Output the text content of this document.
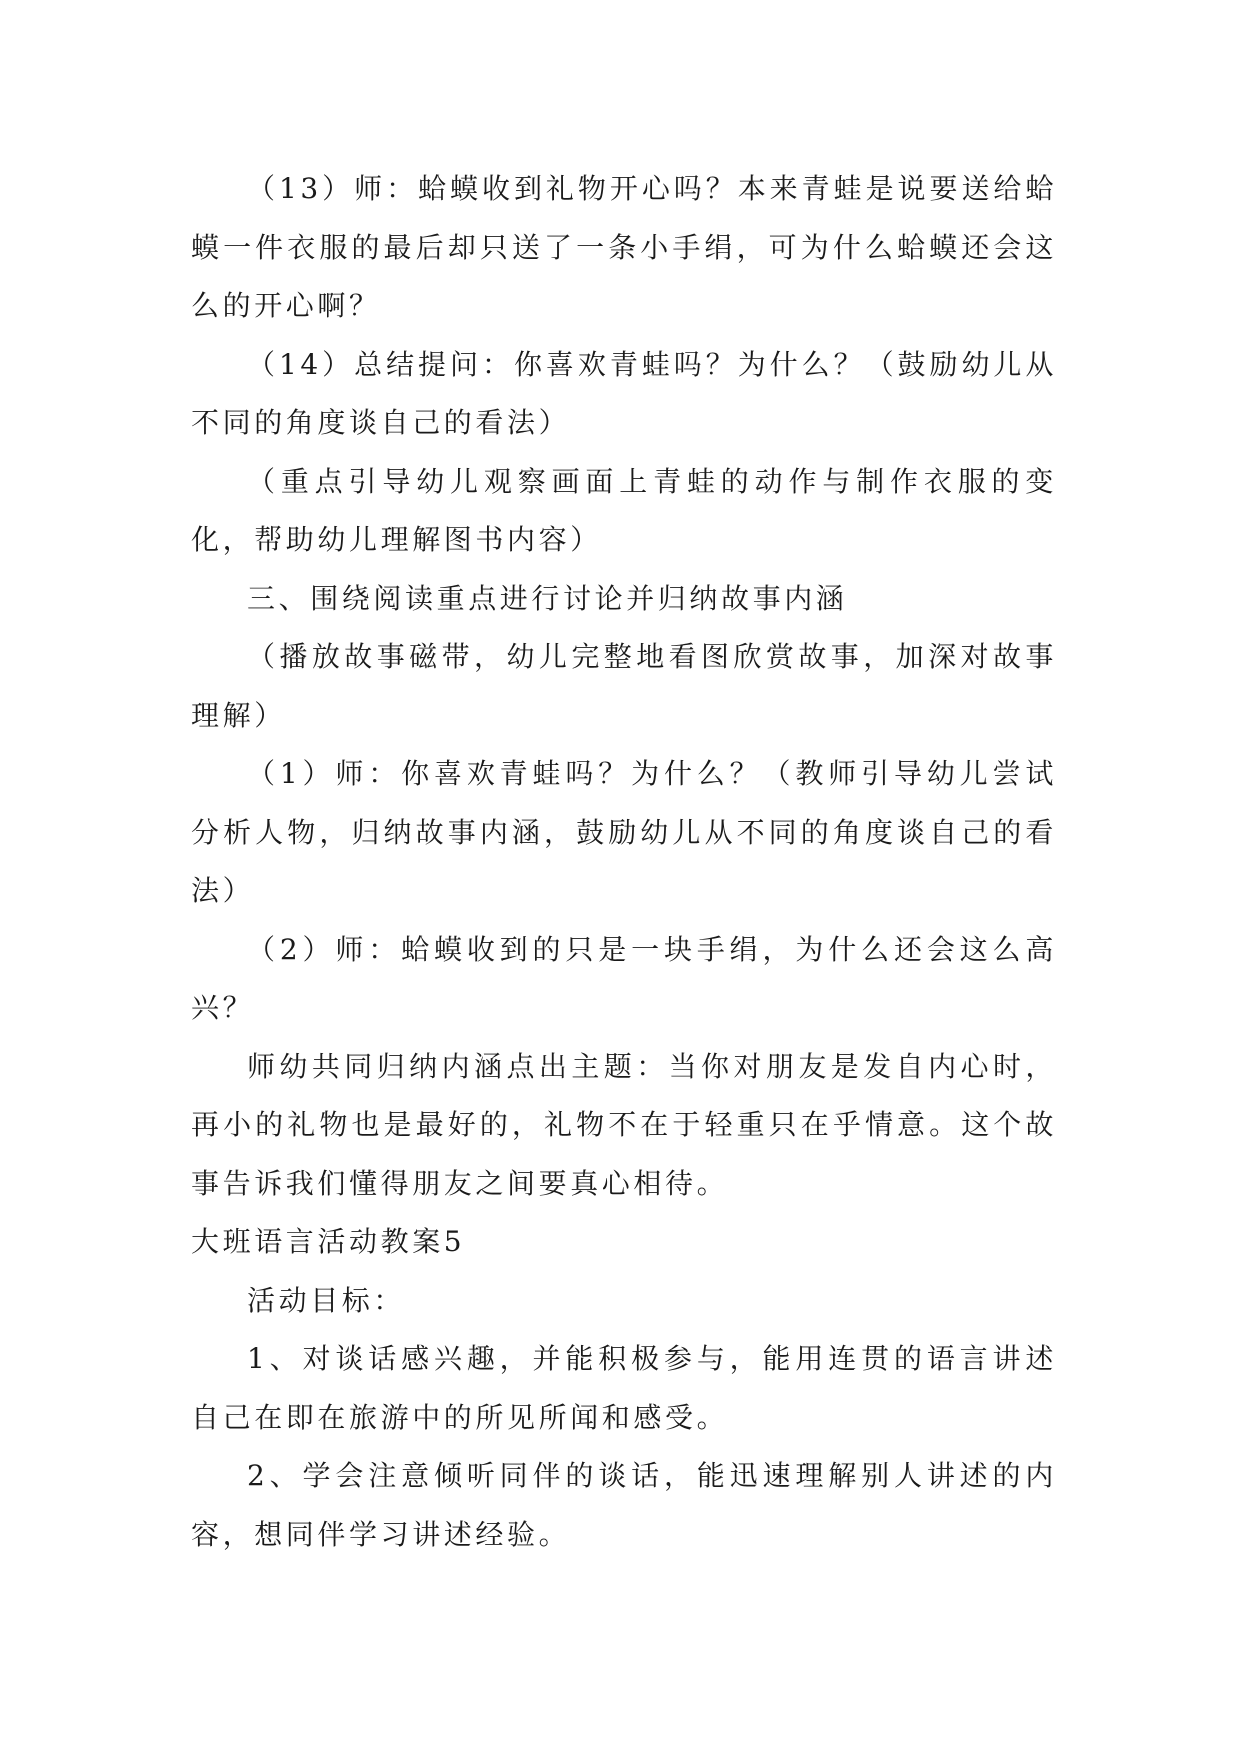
（13）师：蛤蟆收到礼物开心吗？本来青蛙是说要送给蛤蟆一件衣服的最后却只送了一条小手绢，可为什么蛤蟆还会这么的开心啊？

（14）总结提问：你喜欢青蛙吗？为什么？（鼓励幼儿从不同的角度谈自己的看法）

（重点引导幼儿观察画面上青蛙的动作与制作衣服的变化，帮助幼儿理解图书内容）

三、围绕阅读重点进行讨论并归纳故事内涵

（播放故事磁带，幼儿完整地看图欣赏故事，加深对故事理解）

（1）师：你喜欢青蛙吗？为什么？（教师引导幼儿尝试分析人物，归纳故事内涵，鼓励幼儿从不同的角度谈自己的看法）

（2）师：蛤蟆收到的只是一块手绢，为什么还会这么高兴？

师幼共同归纳内涵点出主题：当你对朋友是发自内心时，再小的礼物也是最好的，礼物不在于轻重只在乎情意。这个故事告诉我们懂得朋友之间要真心相待。

大班语言活动教案5

活动目标：

1、对谈话感兴趣，并能积极参与，能用连贯的语言讲述自己在即在旅游中的所见所闻和感受。

2、学会注意倾听同伴的谈话，能迅速理解别人讲述的内容，想同伴学习讲述经验。
